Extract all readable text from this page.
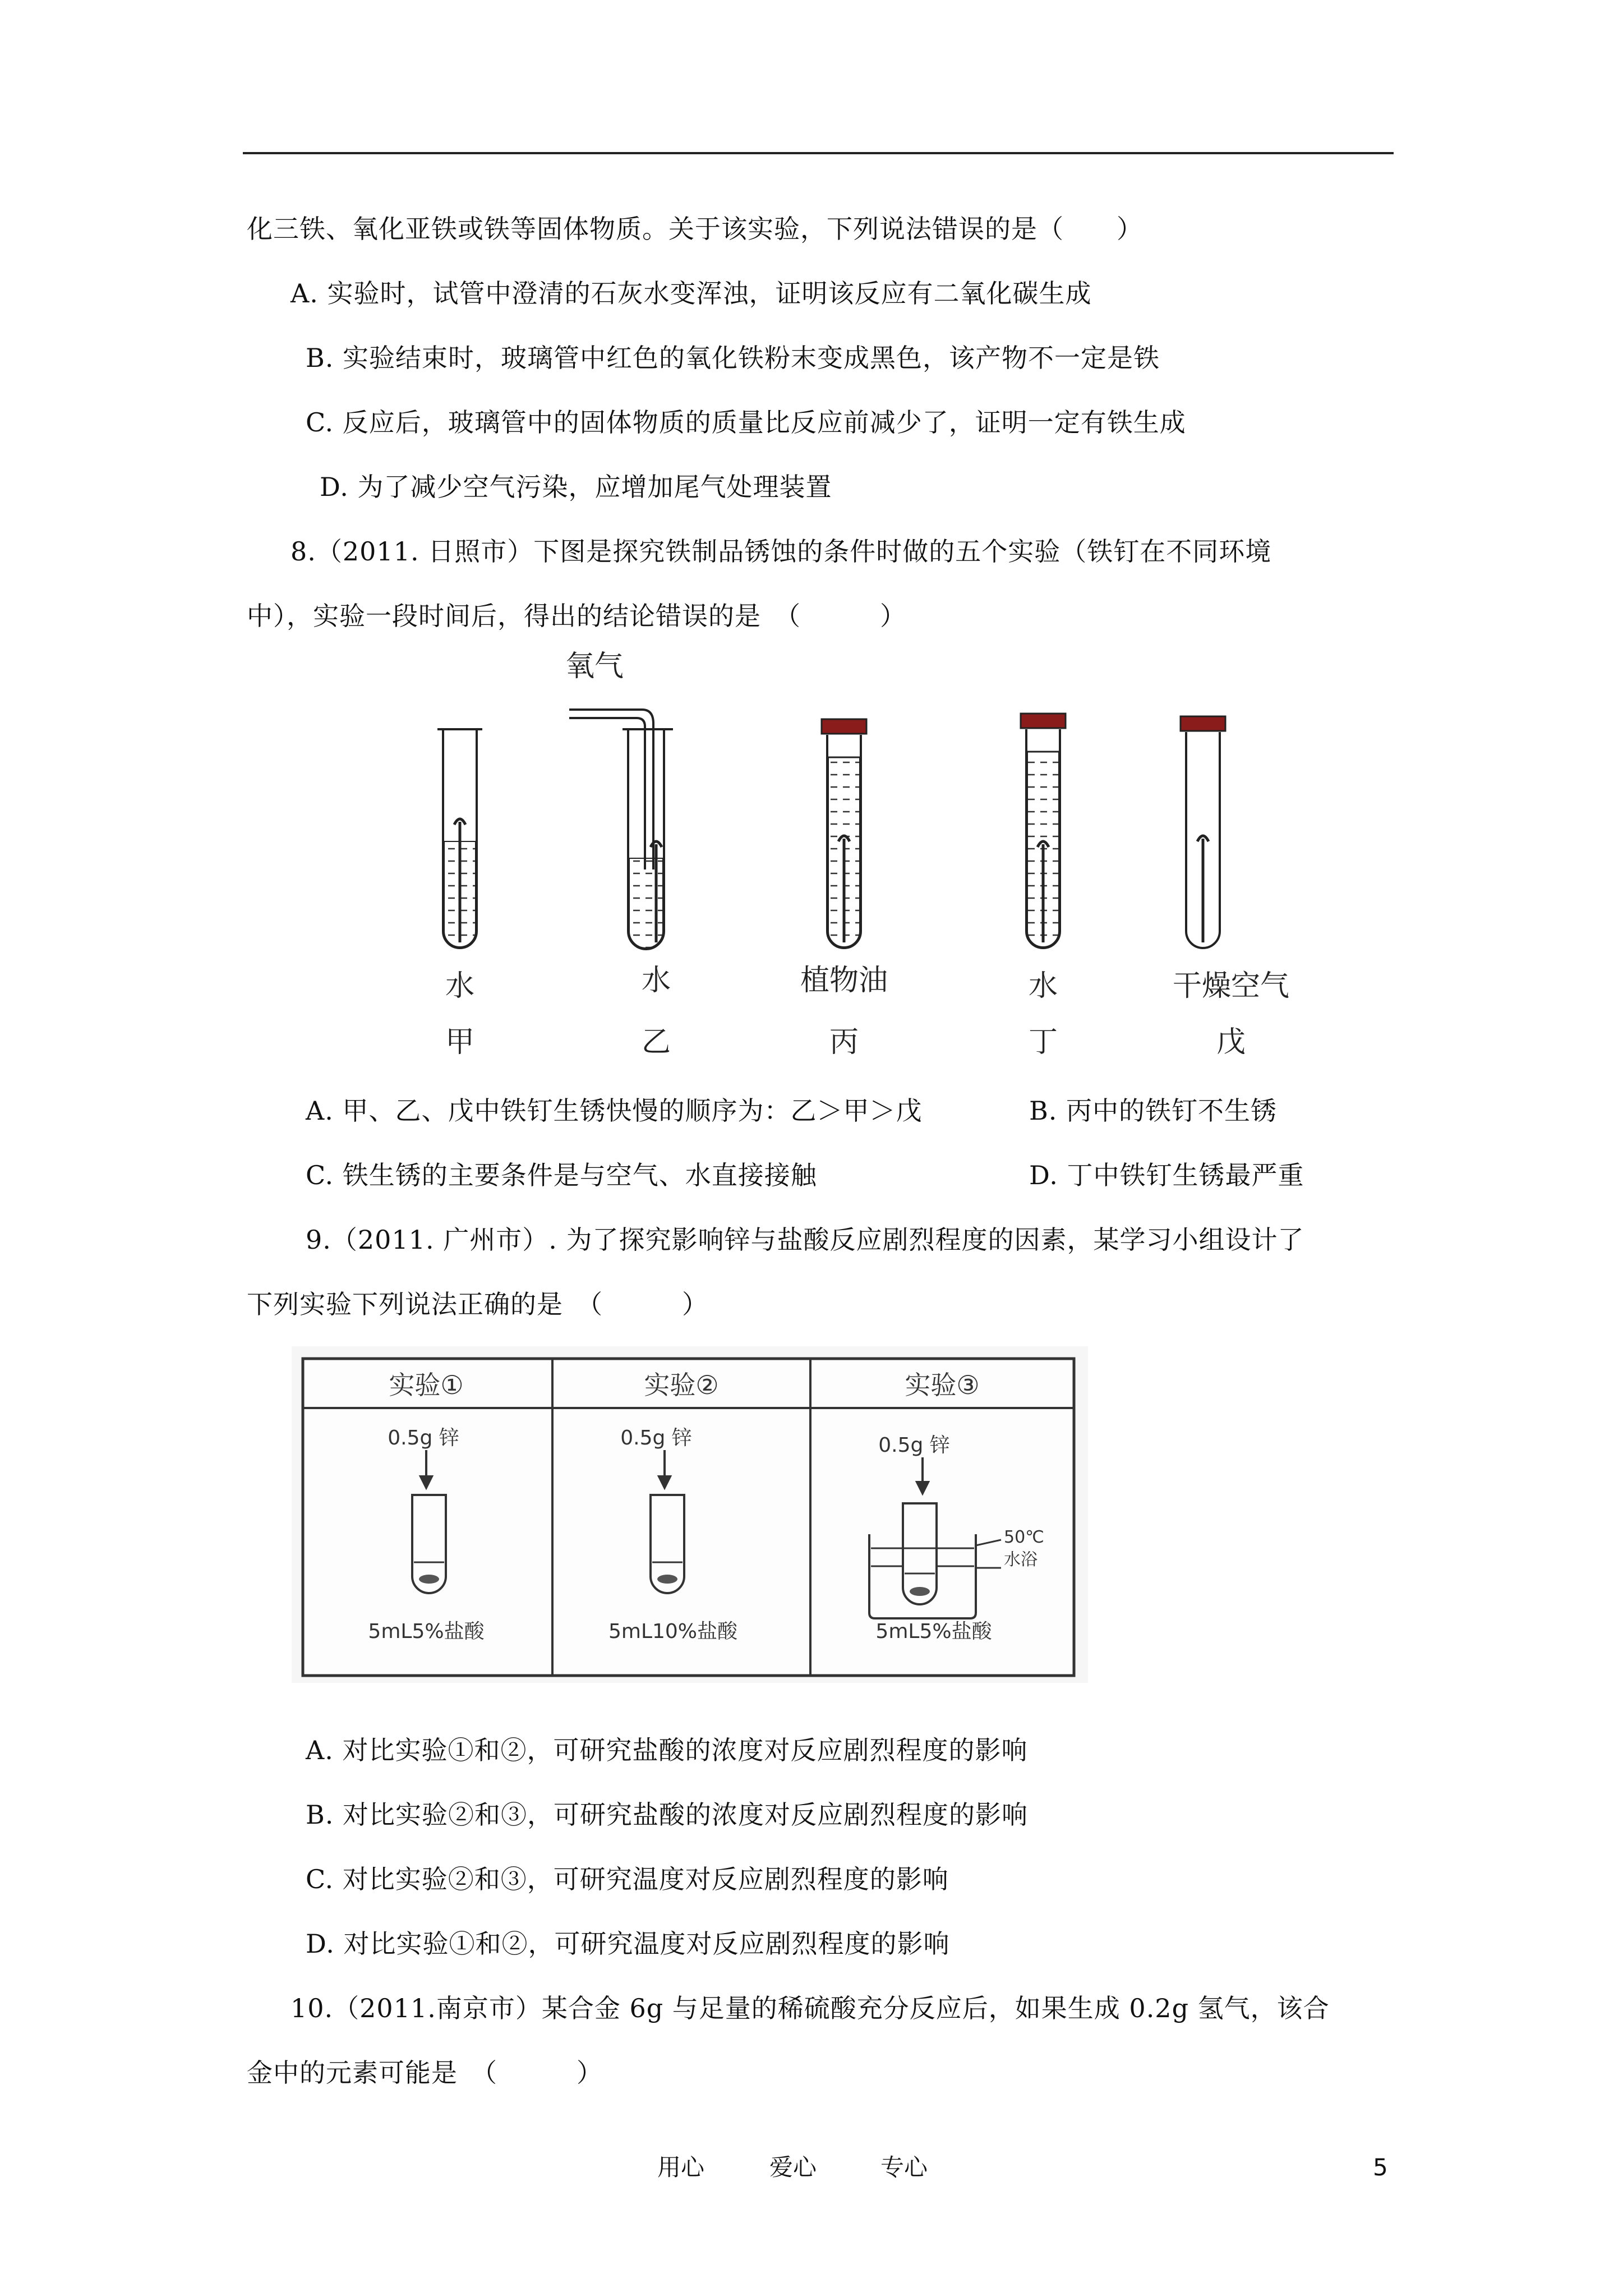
化三铁、氧化亚铁或铁等固体物质。关于该实验，下列说法错误的是（　　）
A. 实验时，试管中澄清的石灰水变浑浊，证明该反应有二氧化碳生成
B. 实验结束时，玻璃管中红色的氧化铁粉末变成黑色，该产物不一定是铁
C. 反应后，玻璃管中的固体物质的质量比反应前减少了，证明一定有铁生成
D. 为了减少空气污染，应增加尾气处理装置
8.（2011. 日照市）下图是探究铁制品锈蚀的条件时做的五个实验（铁钉在不同环境
中），实验一段时间后，得出的结论错误的是　（　　　）
氧气
水	水	植物油	水	干燥空气
甲	乙	丙	丁	戊
A. 甲、乙、戊中铁钉生锈快慢的顺序为：乙＞甲＞戊	B. 丙中的铁钉不生锈
C. 铁生锈的主要条件是与空气、水直接接触	D. 丁中铁钉生锈最严重
9.（2011. 广州市）. 为了探究影响锌与盐酸反应剧烈程度的因素，某学习小组设计了
下列实验下列说法正确的是　（　　　）
实验①	实验②	实验③
0.5g 锌	0.5g 锌	0.5g 锌
50℃
水浴
5mL5%盐酸	5mL10%盐酸	5mL5%盐酸
A. 对比实验①和②，可研究盐酸的浓度对反应剧烈程度的影响
B. 对比实验②和③，可研究盐酸的浓度对反应剧烈程度的影响
C. 对比实验②和③，可研究温度对反应剧烈程度的影响
D. 对比实验①和②，可研究温度对反应剧烈程度的影响
10.（2011.南京市）某合金 6g 与足量的稀硫酸充分反应后，如果生成 0.2g 氢气，该合
金中的元素可能是　（　　　）
用心	爱心	专心	5
